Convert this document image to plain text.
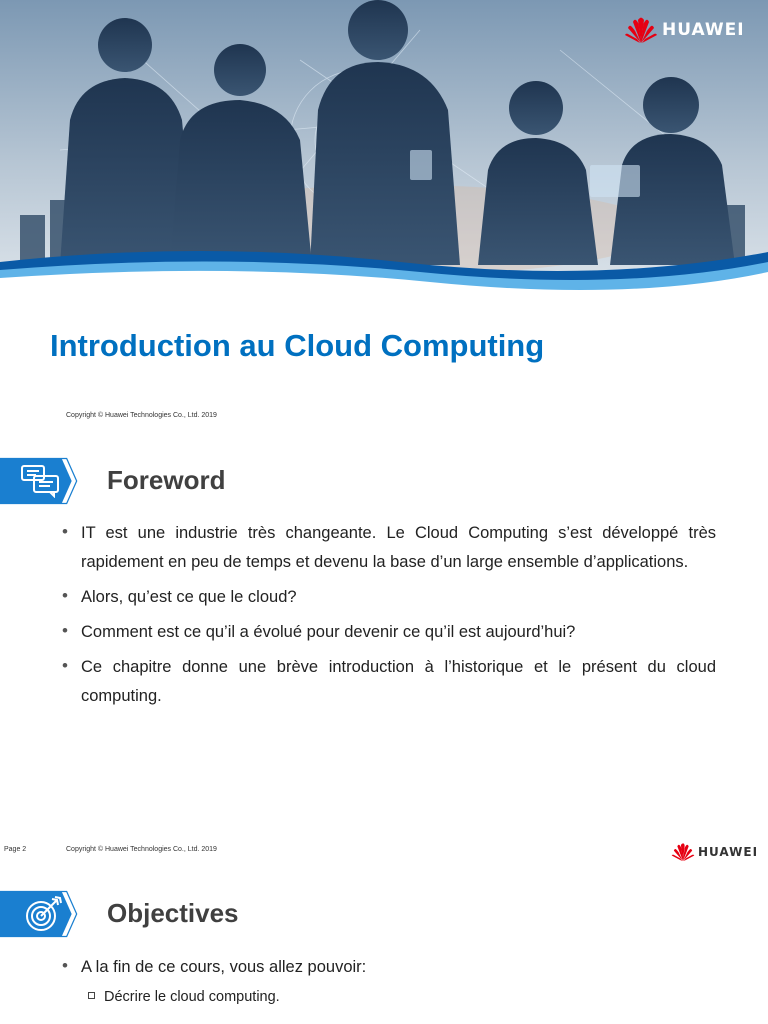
HUAWEI
Introduction au Cloud Computing
Copyright © Huawei Technologies Co., Ltd. 2019
Foreword
• IT est une industrie très changeante. Le Cloud Computing s’est développé très rapidement en peu de temps et devenu la base d’un large ensemble d’applications.
• Alors, qu’est ce que le cloud?
• Comment est ce qu’il a évolué pour devenir ce qu’il est aujourd’hui?
• Ce chapitre donne une brève introduction à l’historique et le présent du cloud computing.
Page 2	Copyright © Huawei Technologies Co., Ltd. 2019	HUAWEI
Objectives
• A la fin de ce cours, vous allez pouvoir:
Décrire le cloud computing.
